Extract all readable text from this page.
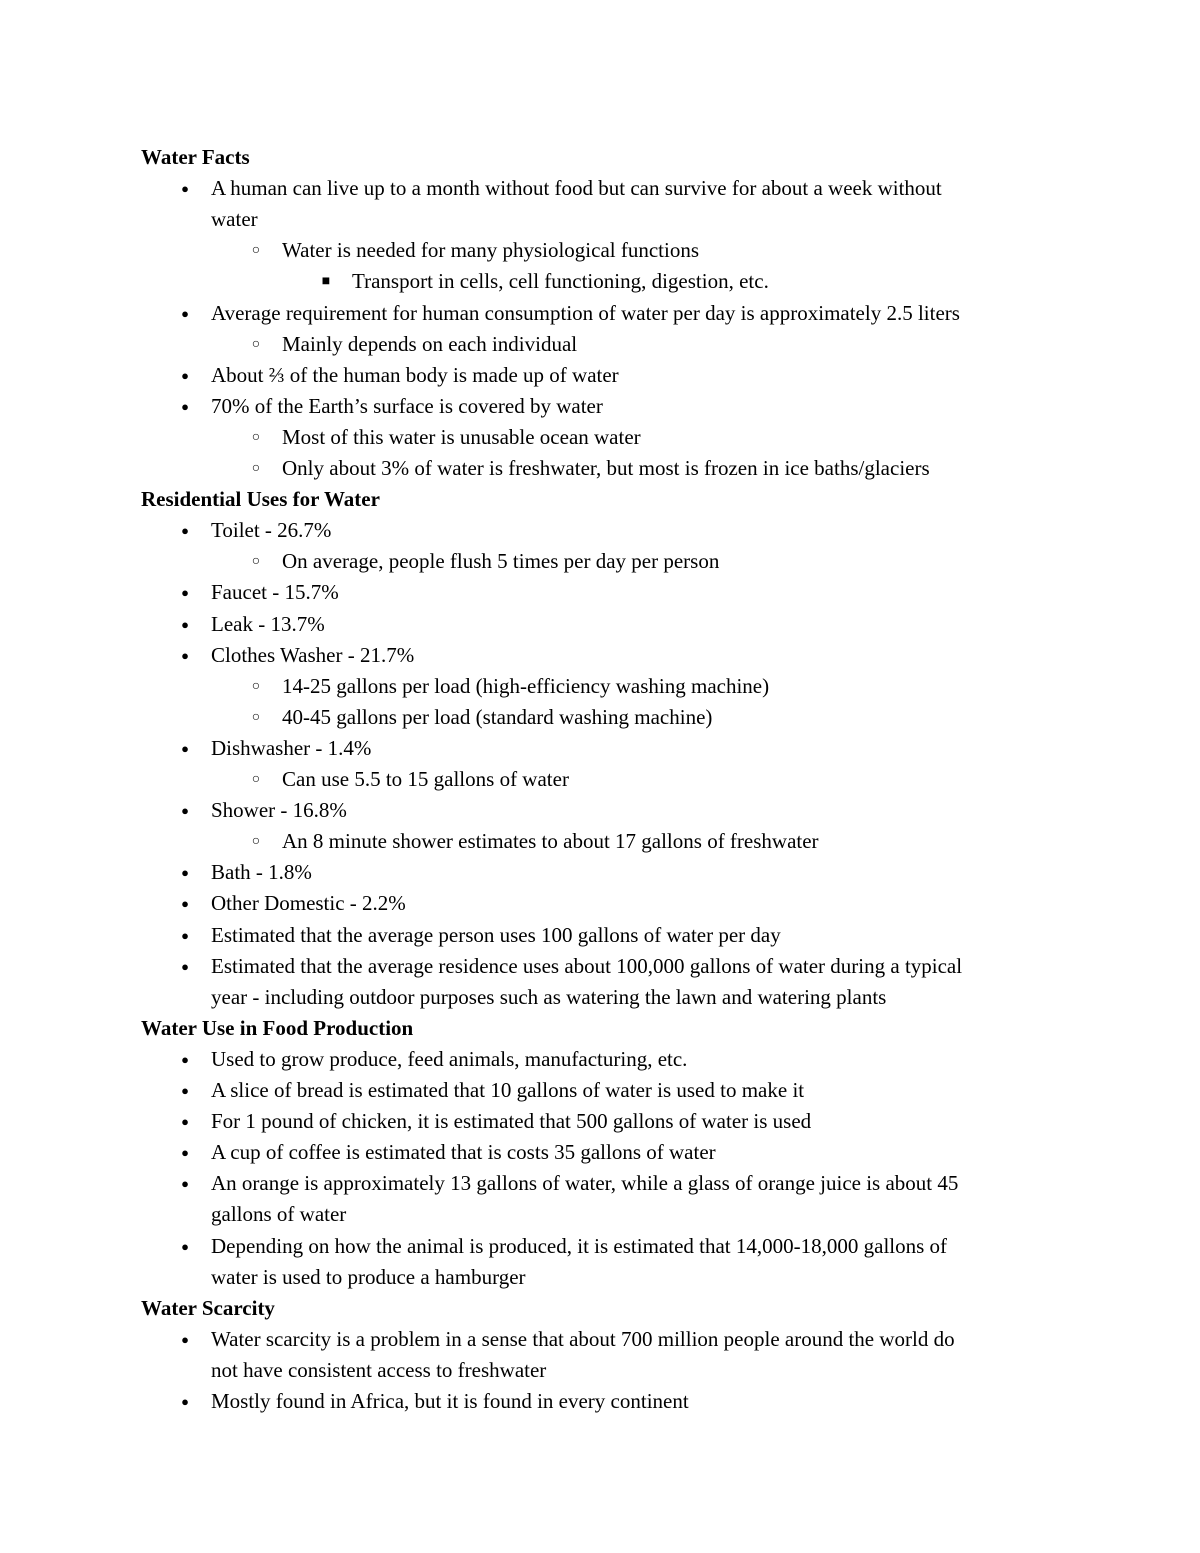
Water Facts
● A human can live up to a month without food but can survive for about a week without
water
○ Water is needed for many physiological functions
■ Transport in cells, cell functioning, digestion, etc.
● Average requirement for human consumption of water per day is approximately 2.5 liters
○ Mainly depends on each individual
● About ⅔ of the human body is made up of water
● 70% of the Earth’s surface is covered by water
○ Most of this water is unusable ocean water
○ Only about 3% of water is freshwater, but most is frozen in ice baths/glaciers
Residential Uses for Water
● Toilet - 26.7%
○ On average, people flush 5 times per day per person
● Faucet - 15.7%
● Leak - 13.7%
● Clothes Washer - 21.7%
○ 14-25 gallons per load (high-efficiency washing machine)
○ 40-45 gallons per load (standard washing machine)
● Dishwasher - 1.4%
○ Can use 5.5 to 15 gallons of water
● Shower - 16.8%
○ An 8 minute shower estimates to about 17 gallons of freshwater
● Bath - 1.8%
● Other Domestic - 2.2%
● Estimated that the average person uses 100 gallons of water per day
● Estimated that the average residence uses about 100,000 gallons of water during a typical
year - including outdoor purposes such as watering the lawn and watering plants
Water Use in Food Production
● Used to grow produce, feed animals, manufacturing, etc.
● A slice of bread is estimated that 10 gallons of water is used to make it
● For 1 pound of chicken, it is estimated that 500 gallons of water is used
● A cup of coffee is estimated that is costs 35 gallons of water
● An orange is approximately 13 gallons of water, while a glass of orange juice is about 45
gallons of water
● Depending on how the animal is produced, it is estimated that 14,000-18,000 gallons of
water is used to produce a hamburger
Water Scarcity
● Water scarcity is a problem in a sense that about 700 million people around the world do
not have consistent access to freshwater
● Mostly found in Africa, but it is found in every continent
